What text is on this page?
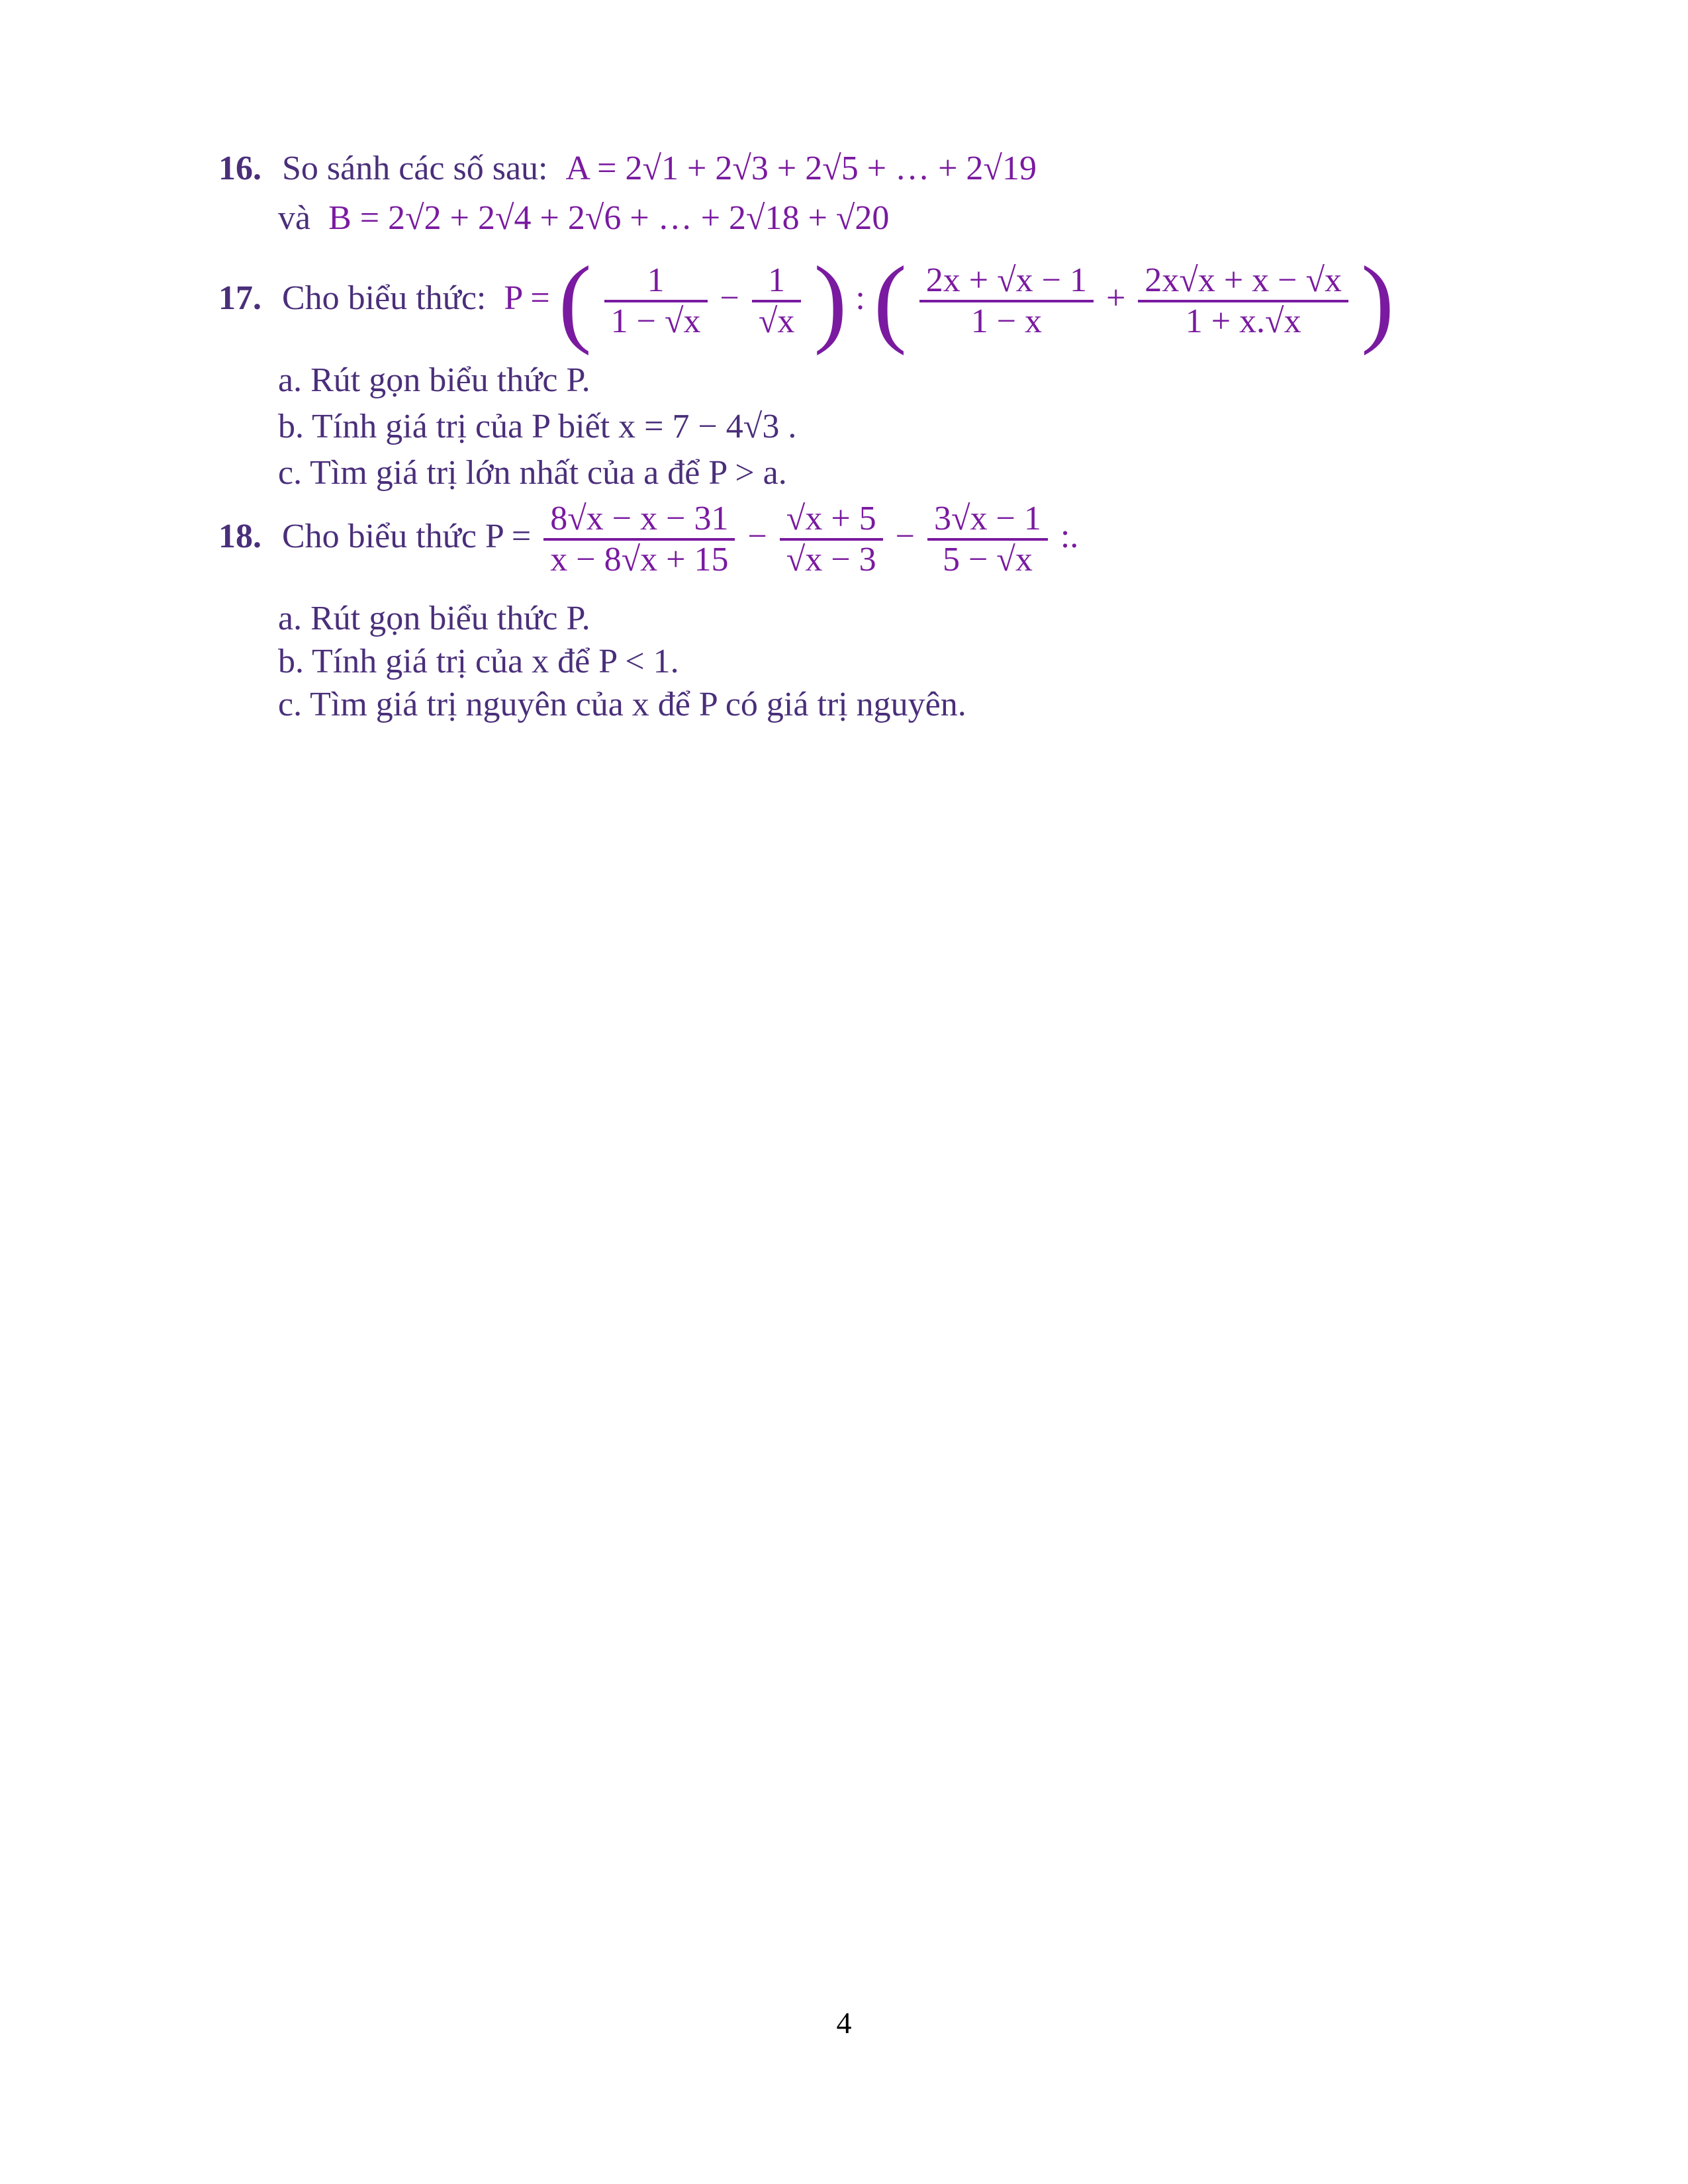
16. So sánh các số sau: A = 2√1 + 2√3 + 2√5 + … + 2√19
và B = 2√2 + 2√4 + 2√6 + … + 2√18 + √20
17. Cho biểu thức: P = ( $\frac{1}{1 - √x} - \frac{1}{√x}$ ) : ( $\frac{2x + √x - 1}{1 - x} + \frac{2x√x + x - √x}{1 + x.√x}$ )
a. Rút gọn biểu thức P.
b. Tính giá trị của P biết x = 7 − 4√3 .
c. Tìm giá trị lớn nhất của a để P > a.
18. Cho biểu thức $P = \frac{8√x - x - 31}{x - 8√x + 15} - \frac{√x + 5}{√x - 3} - \frac{3√x - 1}{5 - √x}$ :.
a. Rút gọn biểu thức P.
b. Tính giá trị của x để P < 1.
c. Tìm giá trị nguyên của x để P có giá trị nguyên.
4
